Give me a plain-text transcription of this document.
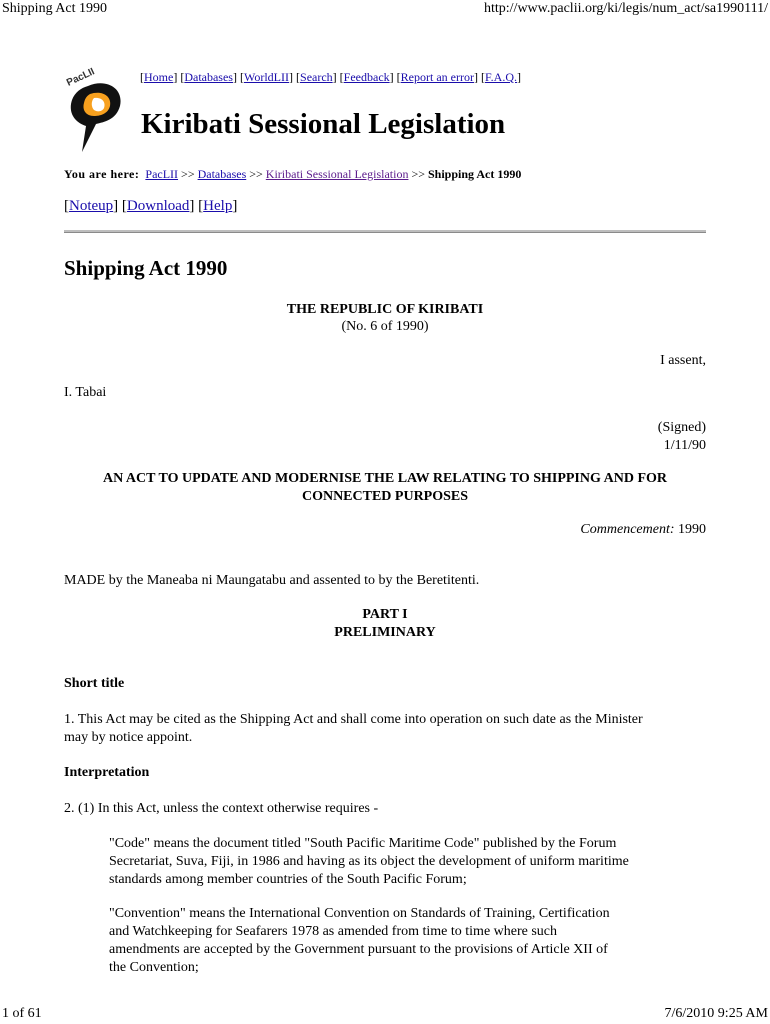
Shipping Act 1990	http://www.paclii.org/ki/legis/num_act/sa1990111/
PacLII	[Home] [Databases] [WorldLII] [Search] [Feedback] [Report an error] [F.A.Q.]
Kiribati Sessional Legislation
You are here: PacLII >> Databases >> Kiribati Sessional Legislation >> Shipping Act 1990
[Noteup] [Download] [Help]
Shipping Act 1990
THE REPUBLIC OF KIRIBATI
(No. 6 of 1990)
I assent,
I. Tabai
(Signed)
1/11/90
AN ACT TO UPDATE AND MODERNISE THE LAW RELATING TO SHIPPING AND FOR
CONNECTED PURPOSES
Commencement: 1990
MADE by the Maneaba ni Maungatabu and assented to by the Beretitenti.
PART I
PRELIMINARY
Short title
1. This Act may be cited as the Shipping Act and shall come into operation on such date as the Minister
may by notice appoint.
Interpretation
2. (1) In this Act, unless the context otherwise requires -
"Code" means the document titled "South Pacific Maritime Code" published by the Forum
Secretariat, Suva, Fiji, in 1986 and having as its object the development of uniform maritime
standards among member countries of the South Pacific Forum;
"Convention" means the International Convention on Standards of Training, Certification
and Watchkeeping for Seafarers 1978 as amended from time to time where such
amendments are accepted by the Government pursuant to the provisions of Article XII of
the Convention;
1 of 61	7/6/2010 9:25 AM
